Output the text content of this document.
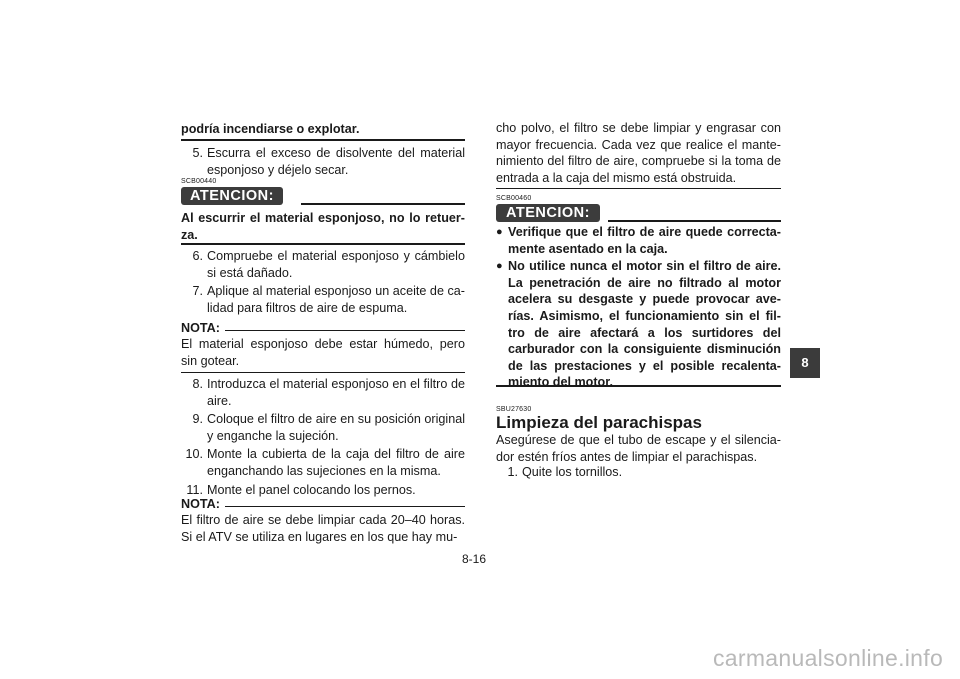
podría incendiarse o explotar.
5. Escurra el exceso de disolvente del material esponjoso y déjelo secar.
SCB00440
ATENCION:
Al escurrir el material esponjoso, no lo retuer-za.
6. Compruebe el material esponjoso y cámbielo si está dañado.
7. Aplique al material esponjoso un aceite de ca-lidad para filtros de aire de espuma.
NOTA:
El material esponjoso debe estar húmedo, pero sin gotear.
8. Introduzca el material esponjoso en el filtro de aire.
9. Coloque el filtro de aire en su posición original y enganche la sujeción.
10. Monte la cubierta de la caja del filtro de aire enganchando las sujeciones en la misma.
11. Monte el panel colocando los pernos.
NOTA:
El filtro de aire se debe limpiar cada 20–40 horas. Si el ATV se utiliza en lugares en los que hay mu-
cho polvo, el filtro se debe limpiar y engrasar con mayor frecuencia. Cada vez que realice el mante-nimiento del filtro de aire, compruebe si la toma de entrada a la caja del mismo está obstruida.
SCB00460
ATENCION:
● Verifique que el filtro de aire quede correcta-mente asentado en la caja.
● No utilice nunca el motor sin el filtro de aire. La penetración de aire no filtrado al motor acelera su desgaste y puede provocar ave-rías. Asimismo, el funcionamiento sin el fil-tro de aire afectará a los surtidores del carburador con la consiguiente disminución de las prestaciones y el posible recalenta-miento del motor.
SBU27630
Limpieza del parachispas
Asegúrese de que el tubo de escape y el silencia-dor estén fríos antes de limpiar el parachispas.
1. Quite los tornillos.
8
8-16
carmanualsonline.info
